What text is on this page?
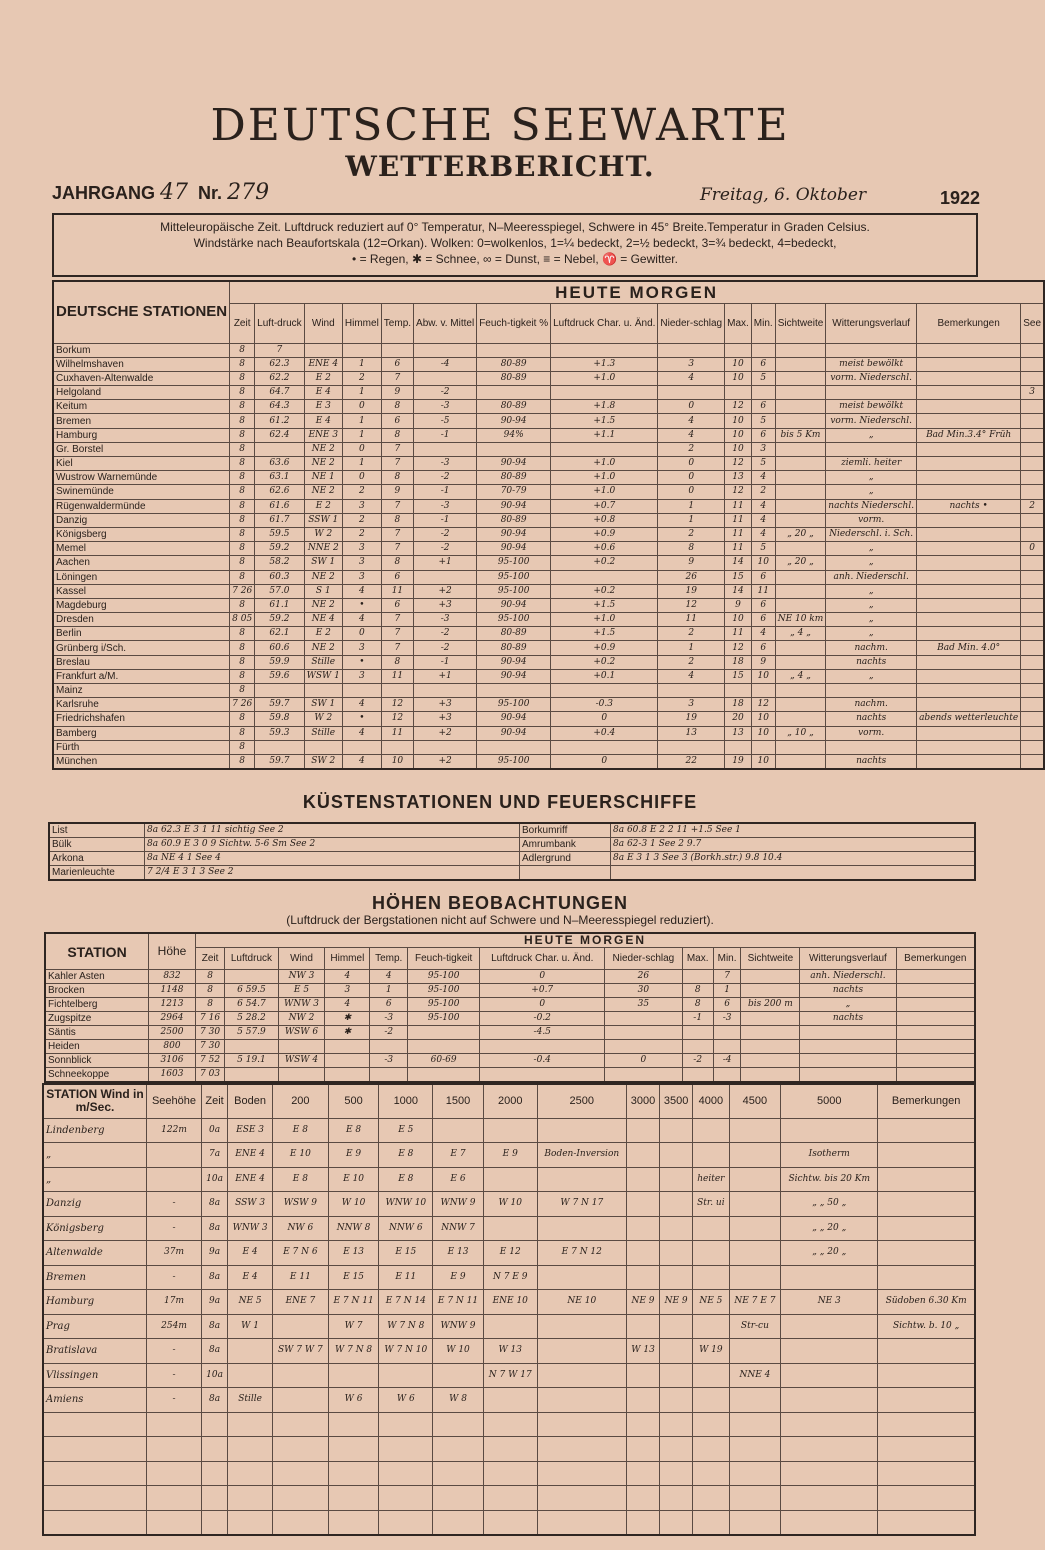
DEUTSCHE SEEWARTE
WETTERBERICHT.
JAHRGANG 47 Nr. 279	Freitag, 6. Oktober	1922
Mitteleuropäische Zeit. Luftdruck reduziert auf 0° Temperatur, N–Meeresspiegel, Schwere in 45° Breite.Temperatur in Graden Celsius.
Windstärke nach Beaufortskala (12=Orkan). Wolken: 0=wolkenlos, 1=¼ bedeckt, 2=½ bedeckt, 3=¾ bedeckt, 4=bedeckt,
• = Regen, ✱ = Schnee, ∞ = Dunst, ≡ = Nebel, ♈ = Gewitter.
DEUTSCHE STATIONEN	HEUTE MORGEN														
	Zeit	Luft-druck	Wind	Himmel	Temp.	Abw. v. Mittel	Feuch-tigkeit %	Luftdruck Char. u. Änd.	Nieder-schlag	Max.	Min.	Sichtweite	Witterungsverlauf	Bemerkungen	See
Borkum	8	7													
Wilhelmshaven	8	62.3	ENE 4	1	6	-4	80-89	+1.3	3	10	6		meist bewölkt		
Cuxhaven-Altenwalde	8	62.2	E 2	2	7		80-89	+1.0	4	10	5		vorm. Niederschl.		
Helgoland	8	64.7	E 4	1	9	-2									3
Keitum	8	64.3	E 3	0	8	-3	80-89	+1.8	0	12	6		meist bewölkt		
Bremen	8	61.2	E 4	1	6	-5	90-94	+1.5	4	10	5		vorm. Niederschl.		
Hamburg	8	62.4	ENE 3	1	8	-1	94%	+1.1	4	10	6	bis 5 Km	„	Bad Min.3.4° Früh	
Gr. Borstel	8		NE 2	0	7				2	10	3				
Kiel	8	63.6	NE 2	1	7	-3	90-94	+1.0	0	12	5		ziemli. heiter		
Wustrow Warnemünde	8	63.1	NE 1	0	8	-2	80-89	+1.0	0	13	4		„		
Swinemünde	8	62.6	NE 2	2	9	-1	70-79	+1.0	0	12	2		„		
Rügenwaldermünde	8	61.6	E 2	3	7	-3	90-94	+0.7	1	11	4		nachts Niederschl.	nachts •	2
Danzig	8	61.7	SSW 1	2	8	-1	80-89	+0.8	1	11	4		vorm.		
Königsberg	8	59.5	W 2	2	7	-2	90-94	+0.9	2	11	4	„ 20 „	Niederschl. i. Sch.		
Memel	8	59.2	NNE 2	3	7	-2	90-94	+0.6	8	11	5		„		0
Aachen	8	58.2	SW 1	3	8	+1	95-100	+0.2	9	14	10	„ 20 „	„		
Löningen	8	60.3	NE 2	3	6		95-100		26	15	6		anh. Niederschl.		
Kassel	7 26	57.0	S 1	4	11	+2	95-100	+0.2	19	14	11		„		
Magdeburg	8	61.1	NE 2	•	6	+3	90-94	+1.5	12	9	6		„		
Dresden	8 05	59.2	NE 4	4	7	-3	95-100	+1.0	11	10	6	NE 10 km	„		
Berlin	8	62.1	E 2	0	7	-2	80-89	+1.5	2	11	4	„ 4 „	„		
Grünberg i/Sch.	8	60.6	NE 2	3	7	-2	80-89	+0.9	1	12	6		nachm.	Bad Min. 4.0°	
Breslau	8	59.9	Stille	•	8	-1	90-94	+0.2	2	18	9		nachts		
Frankfurt a/M.	8	59.6	WSW 1	3	11	+1	90-94	+0.1	4	15	10	„ 4 „	„		
Mainz	8														
Karlsruhe	7 26	59.7	SW 1	4	12	+3	95-100	-0.3	3	18	12		nachm.		
Friedrichshafen	8	59.8	W 2	•	12	+3	90-94	0	19	20	10		nachts	abends wetterleuchte	
Bamberg	8	59.3	Stille	4	11	+2	90-94	+0.4	13	13	10	„ 10 „	vorm.		
Fürth	8														
München	8	59.7	SW 2	4	10	+2	95-100	0	22	19	10		nachts		
KÜSTENSTATIONEN UND FEUERSCHIFFE
List	8a 62.3 E 3 1 11 sichtig See 2	Borkumriff	8a 60.8 E 2 2 11 +1.5 See 1
Bülk	8a 60.9 E 3 0 9 Sichtw. 5-6 Sm See 2	Amrumbank	8a 62-3 1 See 2 9.7
Arkona	8a NE 4 1 See 4	Adlergrund	8a E 3 1 3 See 3 (Borkh.str.) 9.8 10.4
Marienleuchte	7 2/4 E 3 1 3 See 2		
HÖHEN BEOBACHTUNGEN
(Luftdruck der Bergstationen nicht auf Schwere und N–Meeresspiegel reduziert).
STATION	Höhe	HEUTE MORGEN												
		Zeit	Luftdruck	Wind	Himmel	Temp.	Feuch-tigkeit	Luftdruck Char. u. Änd.	Nieder-schlag	Max.	Min.	Sichtweite	Witterungsverlauf	Bemerkungen
Kahler Asten	832	8		NW 3	4	4	95-100	0	26		7		anh. Niederschl.	
Brocken	1148	8	6 59.5	E 5	3	1	95-100	+0.7	30	8	1		nachts	
Fichtelberg	1213	8	6 54.7	WNW 3	4	6	95-100	0	35	8	6	bis 200 m	„	
Zugspitze	2964	7 16	5 28.2	NW 2	✱	-3	95-100	-0.2		-1	-3		nachts	
Säntis	2500	7 30	5 57.9	WSW 6	✱	-2		-4.5						
Heiden	800	7 30												
Sonnblick	3106	7 52	5 19.1	WSW 4		-3	60-69	-0.4	0	-2	-4			
Schneekoppe	1603	7 03												
STATION Wind in m/Sec.	Seehöhe	Zeit	Boden	200	500	1000	1500	2000	2500	3000	3500	4000	4500	5000	Bemerkungen
Lindenberg	122m	0a	ESE 3	E 8	E 8	E 5									
„		7a	ENE 4	E 10	E 9	E 8	E 7	E 9	Boden-Inversion					Isotherm	
„		10a	ENE 4	E 8	E 10	E 8	E 6					heiter		Sichtw. bis 20 Km	
Danzig	-	8a	SSW 3	WSW 9	W 10	WNW 10	WNW 9	W 10	W 7 N 17			Str. ui		„ „ 50 „	
Königsberg	-	8a	WNW 3	NW 6	NNW 8	NNW 6	NNW 7							„ „ 20 „	
Altenwalde	37m	9a	E 4	E 7 N 6	E 13	E 15	E 13	E 12	E 7 N 12					„ „ 20 „	
Bremen	-	8a	E 4	E 11	E 15	E 11	E 9	N 7 E 9							
Hamburg	17m	9a	NE 5	ENE 7	E 7 N 11	E 7 N 14	E 7 N 11	ENE 10	NE 10	NE 9	NE 9	NE 5	NE 7 E 7	NE 3	Südoben 6.30 Km
Prag	254m	8a	W 1		W 7	W 7 N 8	WNW 9						Str-cu		Sichtw. b. 10 „
Bratislava	-	8a		SW 7 W 7	W 7 N 8	W 7 N 10	W 10	W 13		W 13		W 19			
Vlissingen	-	10a						N 7 W 17					NNE 4		
Amiens	-	8a	Stille		W 6	W 6	W 8								
